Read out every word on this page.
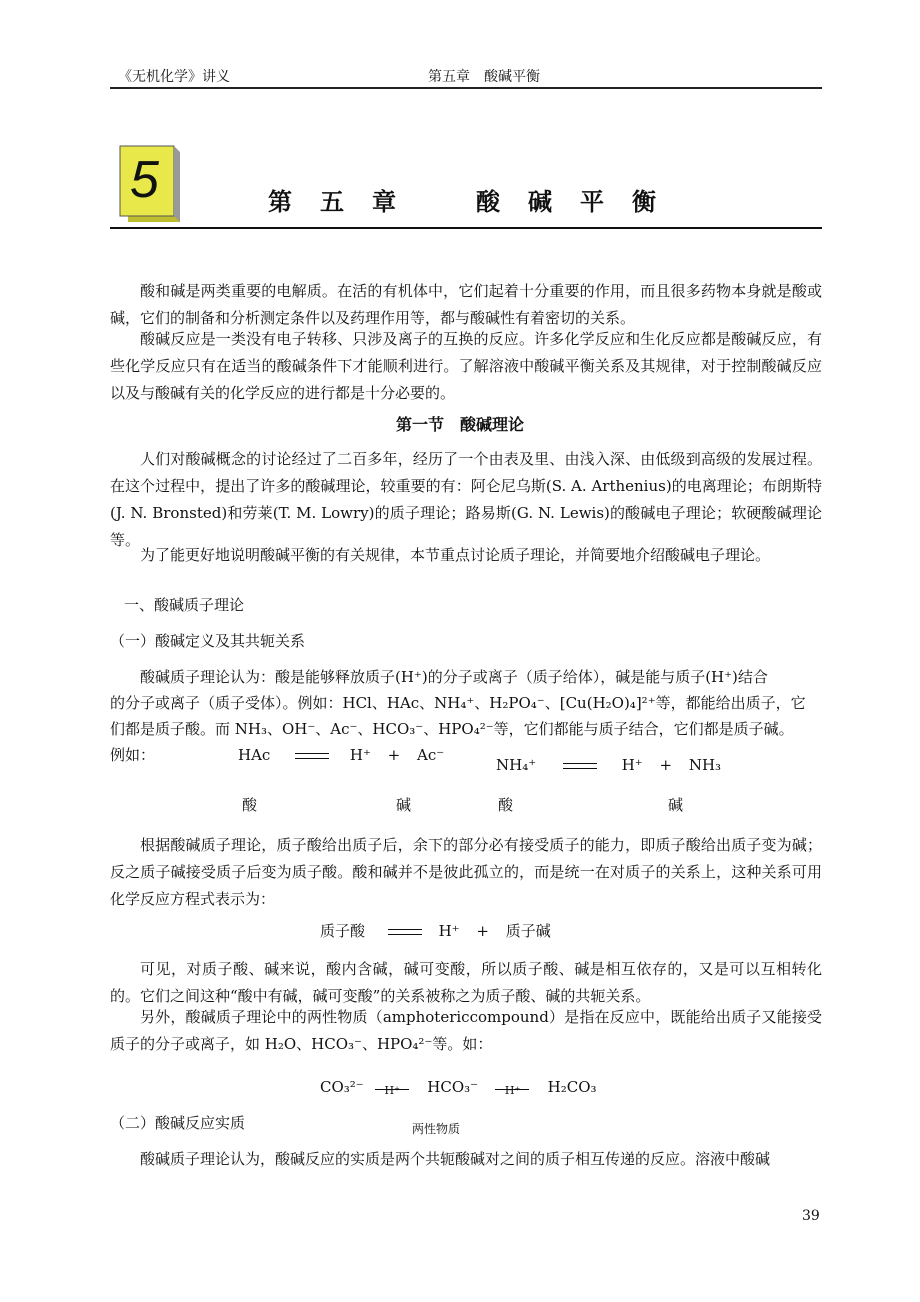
《无机化学》讲义	第五章　酸碱平衡
5	第　五　章　　　酸　碱　平　衡

酸和碱是两类重要的电解质。在活的有机体中，它们起着十分重要的作用，而且很多药物本身就是酸或碱，它们的制备和分析测定条件以及药理作用等，都与酸碱性有着密切的关系。

酸碱反应是一类没有电子转移、只涉及离子的互换的反应。许多化学反应和生化反应都是酸碱反应，有些化学反应只有在适当的酸碱条件下才能顺利进行。了解溶液中酸碱平衡关系及其规律，对于控制酸碱反应以及与酸碱有关的化学反应的进行都是十分必要的。

第一节　酸碱理论

人们对酸碱概念的讨论经过了二百多年，经历了一个由表及里、由浅入深、由低级到高级的发展过程。在这个过程中，提出了许多的酸碱理论，较重要的有：阿仑尼乌斯(S. A. Arthenius)的电离理论；布朗斯特(J. N. Bronsted)和劳莱(T. M. Lowry)的质子理论；路易斯(G. N. Lewis)的酸碱电子理论；软硬酸碱理论等。

为了能更好地说明酸碱平衡的有关规律，本节重点讨论质子理论，并简要地介绍酸碱电子理论。

一、酸碱质子理论
（一）酸碱定义及其共轭关系
酸碱质子理论认为：酸是能够释放质子(H⁺)的分子或离子（质子给体），碱是能与质子(H⁺)结合
的分子或离子（质子受体）。例如：HCl、HAc、NH₄⁺、H₂PO₄⁻、[Cu(H₂O)₄]²⁺等，都能给出质子，它
们都是质子酸。而 NH₃、OH⁻、Ac⁻、HCO₃⁻、HPO₄²⁻等，它们都能与质子结合，它们都是质子碱。
例如：	HAc	H⁺ + Ac⁻
酸	碱
NH₄⁺	H⁺ + NH₃
酸	碱

根据酸碱质子理论，质子酸给出质子后，余下的部分必有接受质子的能力，即质子酸给出质子变为碱；反之质子碱接受质子后变为质子酸。酸和碱并不是彼此孤立的，而是统一在对质子的关系上，这种关系可用化学反应方程式表示为：

质子酸	H⁺ + 质子碱

可见，对质子酸、碱来说，酸内含碱，碱可变酸，所以质子酸、碱是相互依存的，又是可以互相转化的。它们之间这种“酸中有碱，碱可变酸”的关系被称之为质子酸、碱的共轭关系。

另外，酸碱质子理论中的两性物质（amphotericcompound）是指在反应中，既能给出质子又能接受质子的分子或离子，如 H₂O、HCO₃⁻、HPO₄²⁻等。如：

CO₃²⁻ H⁺ HCO₃⁻ H⁺ H₂CO₃
两性物质
（二）酸碱反应实质
酸碱质子理论认为，酸碱反应的实质是两个共轭酸碱对之间的质子相互传递的反应。溶液中酸碱
39
